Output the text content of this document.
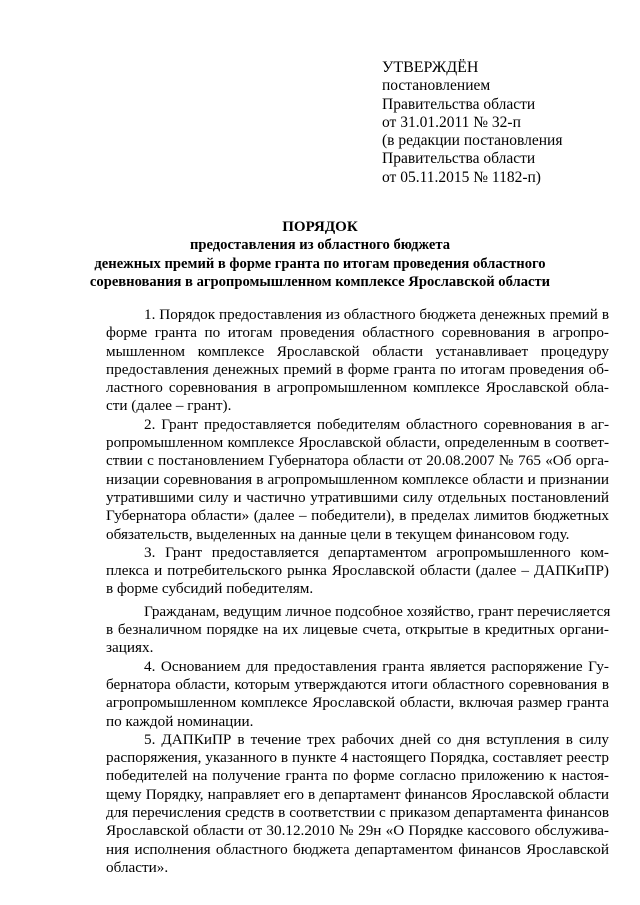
УТВЕРЖДЁН
постановлением
Правительства области
от 31.01.2011 № 32-п
(в редакции постановления
Правительства области
от 05.11.2015 № 1182-п)
ПОРЯДОК
предоставления из областного бюджета
денежных премий в форме гранта по итогам проведения областного
соревнования в агропромышленном комплексе Ярославской области

1. Порядок предоставления из областного бюджета денежных премий в
форме гранта по итогам проведения областного соревнования в агропро-
мышленном комплексе Ярославской области устанавливает процедуру
предоставления денежных премий в форме гранта по итогам проведения об-
ластного соревнования в агропромышленном комплексе Ярославской обла-
сти (далее – грант).

2. Грант предоставляется победителям областного соревнования в аг-
ропромышленном комплексе Ярославской области, определенным в соответ-
ствии с постановлением Губернатора области от 20.08.2007 № 765 «Об орга-
низации соревнования в агропромышленном комплексе области и признании
утратившими силу и частично утратившими силу отдельных постановлений
Губернатора области» (далее – победители), в пределах лимитов бюджетных
обязательств, выделенных на данные цели в текущем финансовом году.

3. Грант предоставляется департаментом агропромышленного ком-
плекса и потребительского рынка Ярославской области (далее – ДАПКиПР)
в форме субсидий победителям.

Гражданам, ведущим личное подсобное хозяйство, грант перечисляется
в безналичном порядке на их лицевые счета, открытые в кредитных органи-
зациях.

4. Основанием для предоставления гранта является распоряжение Гу-
бернатора области, которым утверждаются итоги областного соревнования в
агропромышленном комплексе Ярославской области, включая размер гранта
по каждой номинации.

5. ДАПКиПР в течение трех рабочих дней со дня вступления в силу
распоряжения, указанного в пункте 4 настоящего Порядка, составляет реестр
победителей на получение гранта по форме согласно приложению к настоя-
щему Порядку, направляет его в департамент финансов Ярославской области
для перечисления средств в соответствии с приказом департамента финансов
Ярославской области от 30.12.2010 № 29н «О Порядке кассового обслужива-
ния исполнения областного бюджета департаментом финансов Ярославской
области».
